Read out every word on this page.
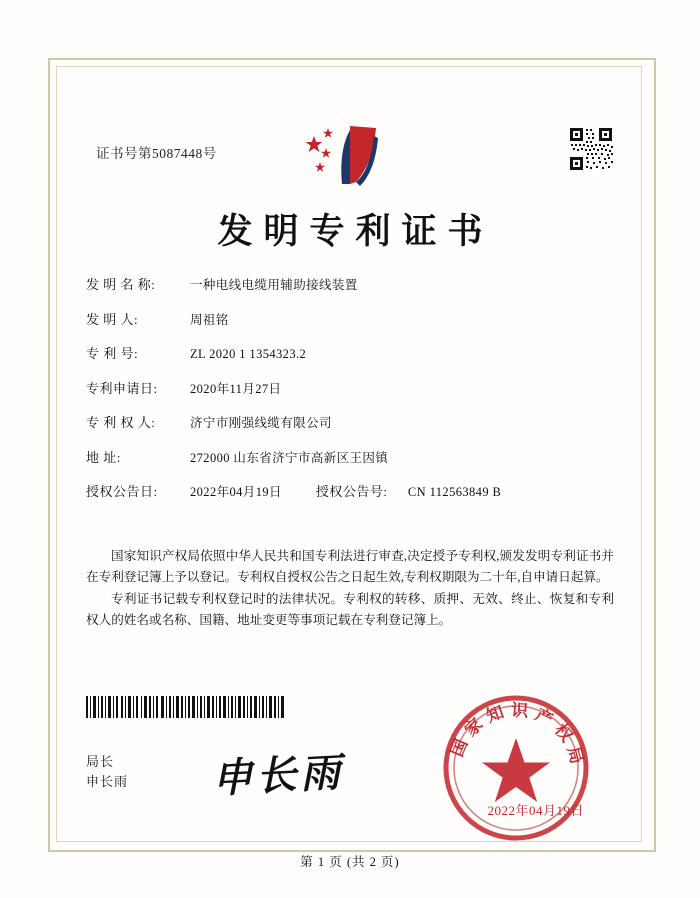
证书号第5087448号
发明专利证书
发 明 名 称:	一种电线电缆用辅助接线装置
发 明 人:	周祖铭
专 利 号:	ZL 2020 1 1354323.2
专利申请日:	2020年11月27日
专 利 权 人:	济宁市刚强线缆有限公司
地 址:	272000 山东省济宁市高新区王因镇
授权公告日:	2022年04月19日	授权公告号:	CN 112563849 B

国家知识产权局依照中华人民共和国专利法进行审查,决定授予专利权,颁发发明专利证书并在专利登记簿上予以登记。专利权自授权公告之日起生效,专利权期限为二十年,自申请日起算。

专利证书记载专利权登记时的法律状况。专利权的转移、质押、无效、终止、恢复和专利权人的姓名或名称、国籍、地址变更等事项记载在专利登记簿上。

局长
申长雨 申长雨
国 家 知 识 产 权 局
2022年04月19日
第 1 页 (共 2 页)
